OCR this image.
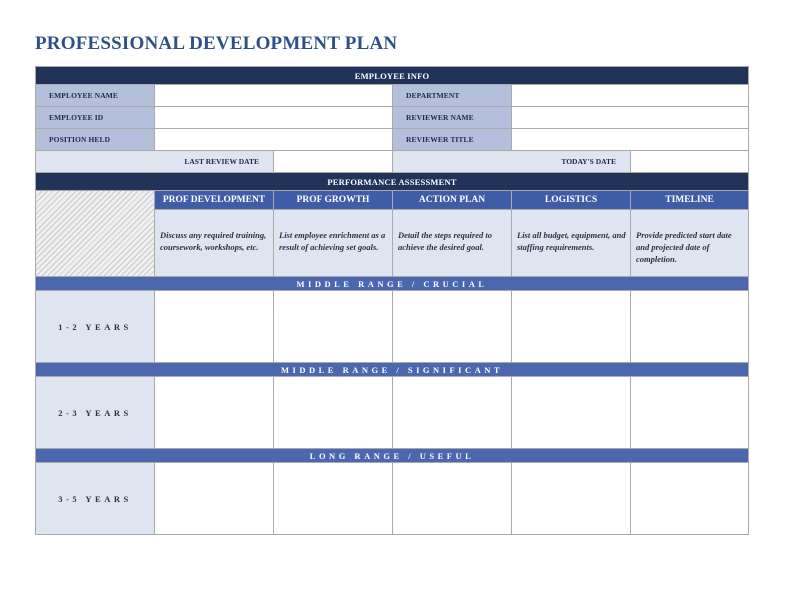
PROFESSIONAL DEVELOPMENT PLAN
EMPLOYEE INFO					
EMPLOYEE NAME			DEPARTMENT		
EMPLOYEE ID			REVIEWER NAME		
POSITION HELD			REVIEWER TITLE		
LAST REVIEW DATE			TODAY'S DATE		
PERFORMANCE ASSESSMENT					
	PROF DEVELOPMENT	PROF GROWTH	ACTION PLAN	LOGISTICS	TIMELINE

	Discuss any required training, coursework, workshops, etc.	List employee enrichment as a result of achieving set goals.	Detail the steps required to achieve the desired goal.	List all budget, equipment, and staffing requirements.	Provide predicted start date and projected date of completion.

MIDDLE RANGE / CRUCIAL					
1-2 YEARS					
MIDDLE RANGE / SIGNIFICANT					
2-3 YEARS					
LONG RANGE / USEFUL					
3-5 YEARS					
